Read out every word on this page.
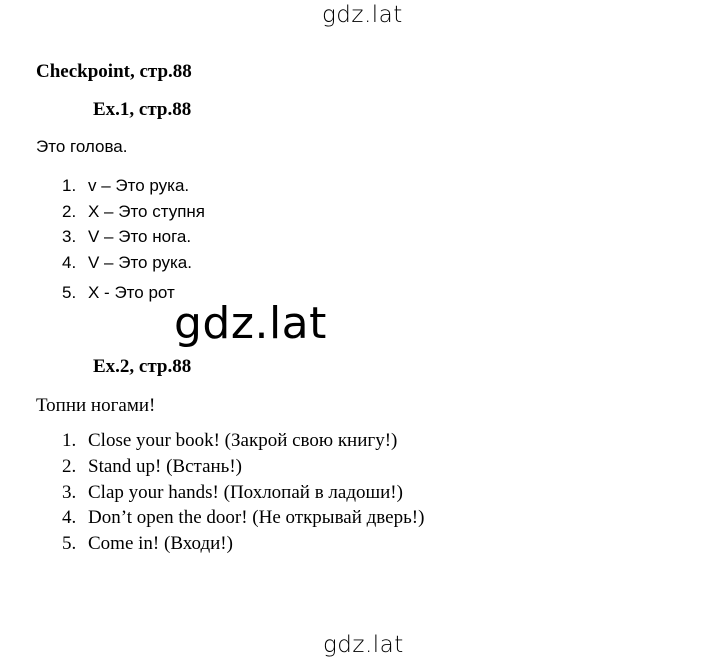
gdz.lat
Checkpoint, стр.88
Ex.1, стр.88
Это голова.
1. v – Это рука.
2. X – Это ступня
3. V – Это нога.
4. V – Это рука.
5. X - Это рот
gdz.lat
Ex.2, стр.88
Топни ногами!
1. Close your book! (Закрой свою книгу!)
2. Stand up! (Встань!)
3. Clap your hands! (Похлопай в ладоши!)
4. Don’t open the door! (Не открывай дверь!)
5. Come in! (Входи!)
gdz.lat
